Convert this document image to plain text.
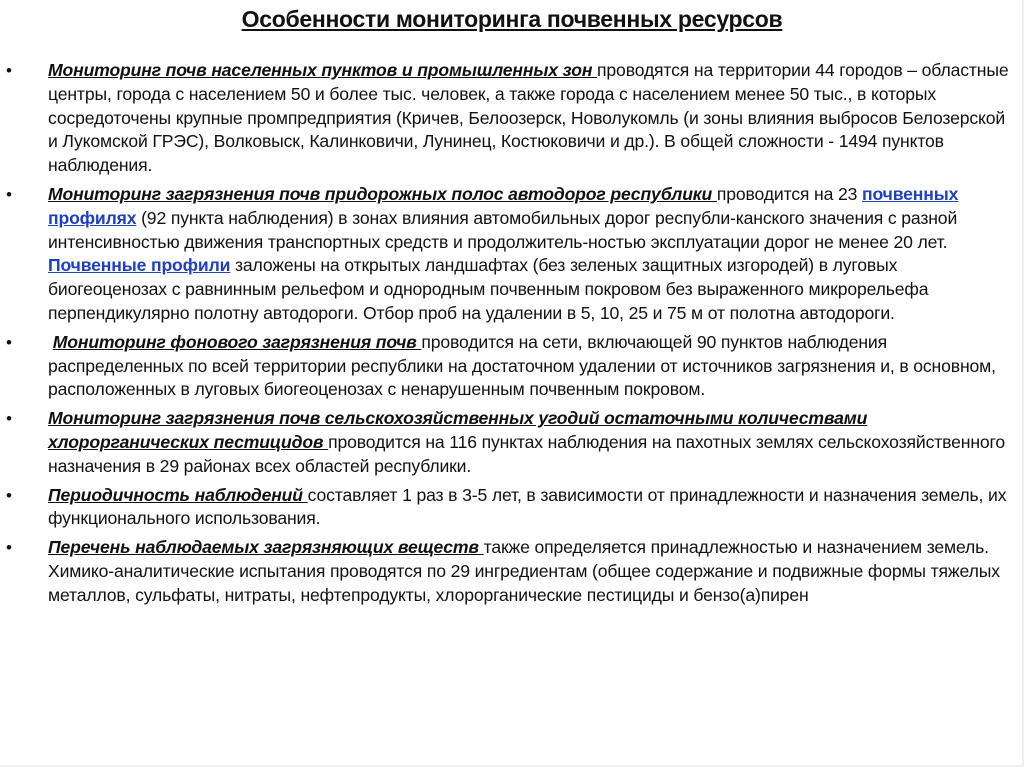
Особенности мониторинга почвенных ресурсов
• Мониторинг почв населенных пунктов и промышленных зон проводятся на территории 44 городов – областные центры, города с населением 50 и более тыс. человек, а также города с населением менее 50 тыс., в которых сосредоточены крупные промпредприятия (Кричев, Белоозерск, Новолукомль (и зоны влияния выбросов Белозерской и Лукомской ГРЭС), Волковыск, Калинковичи, Лунинец, Костюковичи и др.). В общей сложности - 1494 пунктов наблюдения.
• Мониторинг загрязнения почв придорожных полос автодорог республики проводится на 23 почвенных профилях (92 пункта наблюдения) в зонах влияния автомобильных дорог республи-канского значения с разной интенсивностью движения транспортных средств и продолжитель-ностью эксплуатации дорог не менее 20 лет. Почвенные профили заложены на открытых ландшафтах (без зеленых защитных изгородей) в луговых биогеоценозах с равнинным рельефом и однородным почвенным покровом без выраженного микрорельефа перпендикулярно полотну автодороги. Отбор проб на удалении в 5, 10, 25 и 75 м от полотна автодороги.
• Мониторинг фонового загрязнения почв проводится на сети, включающей 90 пунктов наблюдения распределенных по всей территории республики на достаточном удалении от источников загрязнения и, в основном, расположенных в луговых биогеоценозах с ненарушенным почвенным покровом.
• Мониторинг загрязнения почв сельскохозяйственных угодий остаточными количествами хлорорганических пестицидов проводится на 116 пунктах наблюдения на пахотных землях сельскохозяйственного назначения в 29 районах всех областей республики.
• Периодичность наблюдений составляет 1 раз в 3-5 лет, в зависимости от принадлежности и назначения земель, их функционального использования.
• Перечень наблюдаемых загрязняющих веществ также определяется принадлежностью и назначением земель. Химико-аналитические испытания проводятся по 29 ингредиентам (общее содержание и подвижные формы тяжелых металлов, сульфаты, нитраты, нефтепродукты, хлорорганические пестициды и бензо(а)пирен
